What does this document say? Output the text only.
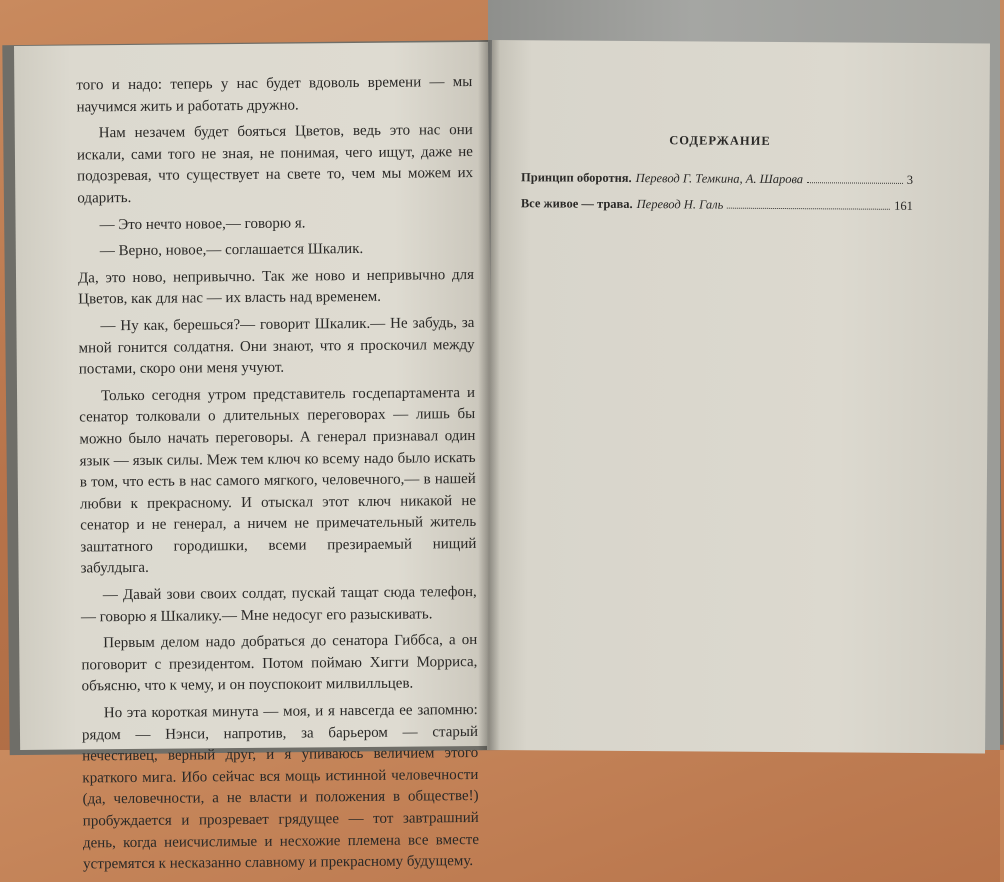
того и надо: теперь у нас будет вдоволь времени — мы научимся жить и работать дружно.

Нам незачем будет бояться Цветов, ведь это нас они искали, сами того не зная, не понимая, чего ищут, даже не подозревая, что существует на свете то, чем мы можем их одарить.

— Это нечто новое,— говорю я.

— Верно, новое,— соглашается Шкалик.

Да, это ново, непривычно. Так же ново и непривычно для Цветов, как для нас — их власть над временем.

— Ну как, берешься?— говорит Шкалик.— Не забудь, за мной гонится солдатня. Они знают, что я проскочил между постами, скоро они меня учуют.

Только сегодня утром представитель госдепартамента и сенатор толковали о длительных переговорах — лишь бы можно было начать переговоры. А генерал признавал один язык — язык силы. Меж тем ключ ко всему надо было искать в том, что есть в нас самого мягкого, человечного,— в нашей любви к прекрасному. И отыскал этот ключ никакой не сенатор и не генерал, а ничем не примечательный житель заштатного городишки, всеми презираемый нищий забулдыга.

— Давай зови своих солдат, пускай тащат сюда телефон,— говорю я Шкалику.— Мне недосуг его разыскивать.

Первым делом надо добраться до сенатора Гиббса, а он поговорит с президентом. Потом поймаю Хигги Морриса, объясню, что к чему, и он поуспокоит милвилльцев.

Но эта короткая минута — моя, и я навсегда ее запомню: рядом — Нэнси, напротив, за барьером — старый нечестивец, верный друг, и я упиваюсь величием этого краткого мига. Ибо сейчас вся мощь истинной человечности (да, человечности, а не власти и положения в обществе!) пробуждается и прозревает грядущее — тот завтрашний день, когда неисчислимые и несхожие племена все вместе устремятся к несказанно славному и прекрасному будущему.

СОДЕРЖАНИЕ
Принцип оборотня. Перевод Г. Темкина, А. Шарова	3
Все живое — трава. Перевод Н. Галь	161
